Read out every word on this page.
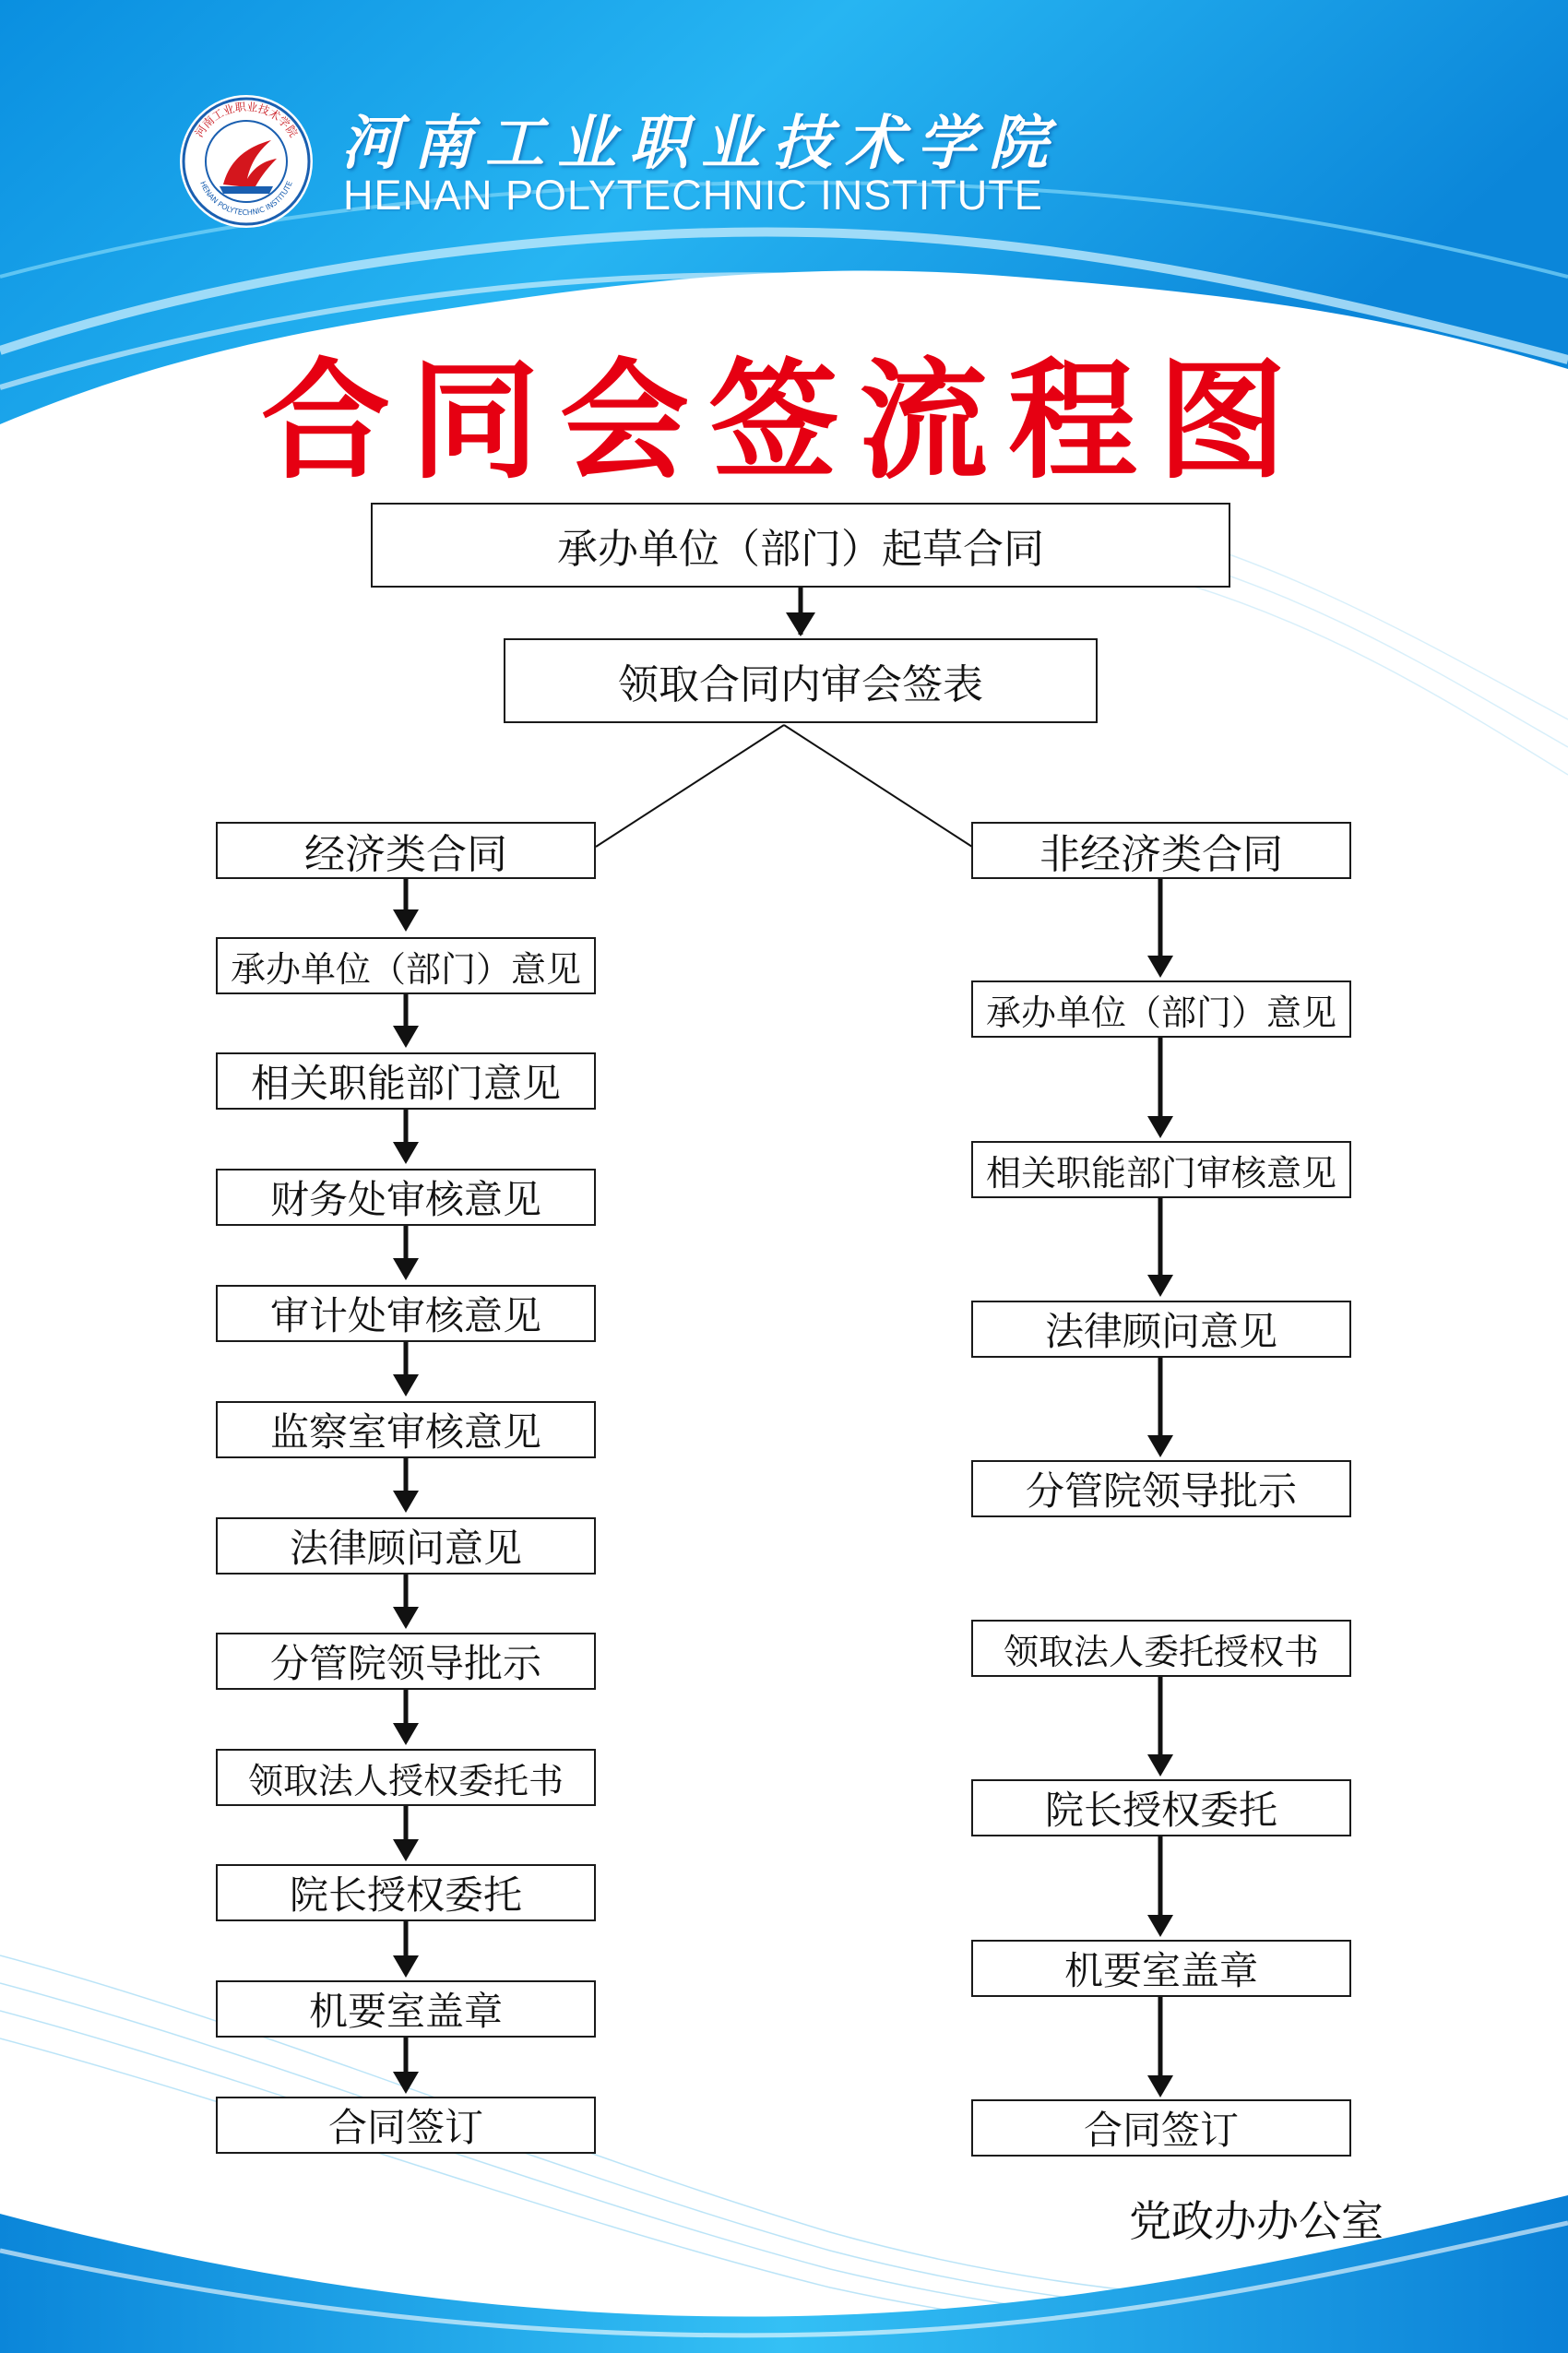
河南工业职业技术学院
HENAN POLYTECHNIC INSTITUTE
河南工业职业技术学院
HENAN POLYTECHNIC INSTITUTE
合同会签流程图
承办单位（部门）起草合同
领取合同内审会签表
经济类合同
承办单位（部门）意见
相关职能部门意见
财务处审核意见
审计处审核意见
监察室审核意见
法律顾问意见
分管院领导批示
领取法人授权委托书
院长授权委托
机要室盖章
合同签订
非经济类合同
承办单位（部门）意见
相关职能部门审核意见
法律顾问意见
分管院领导批示
领取法人委托授权书
院长授权委托
机要室盖章
合同签订
党政办办公室
